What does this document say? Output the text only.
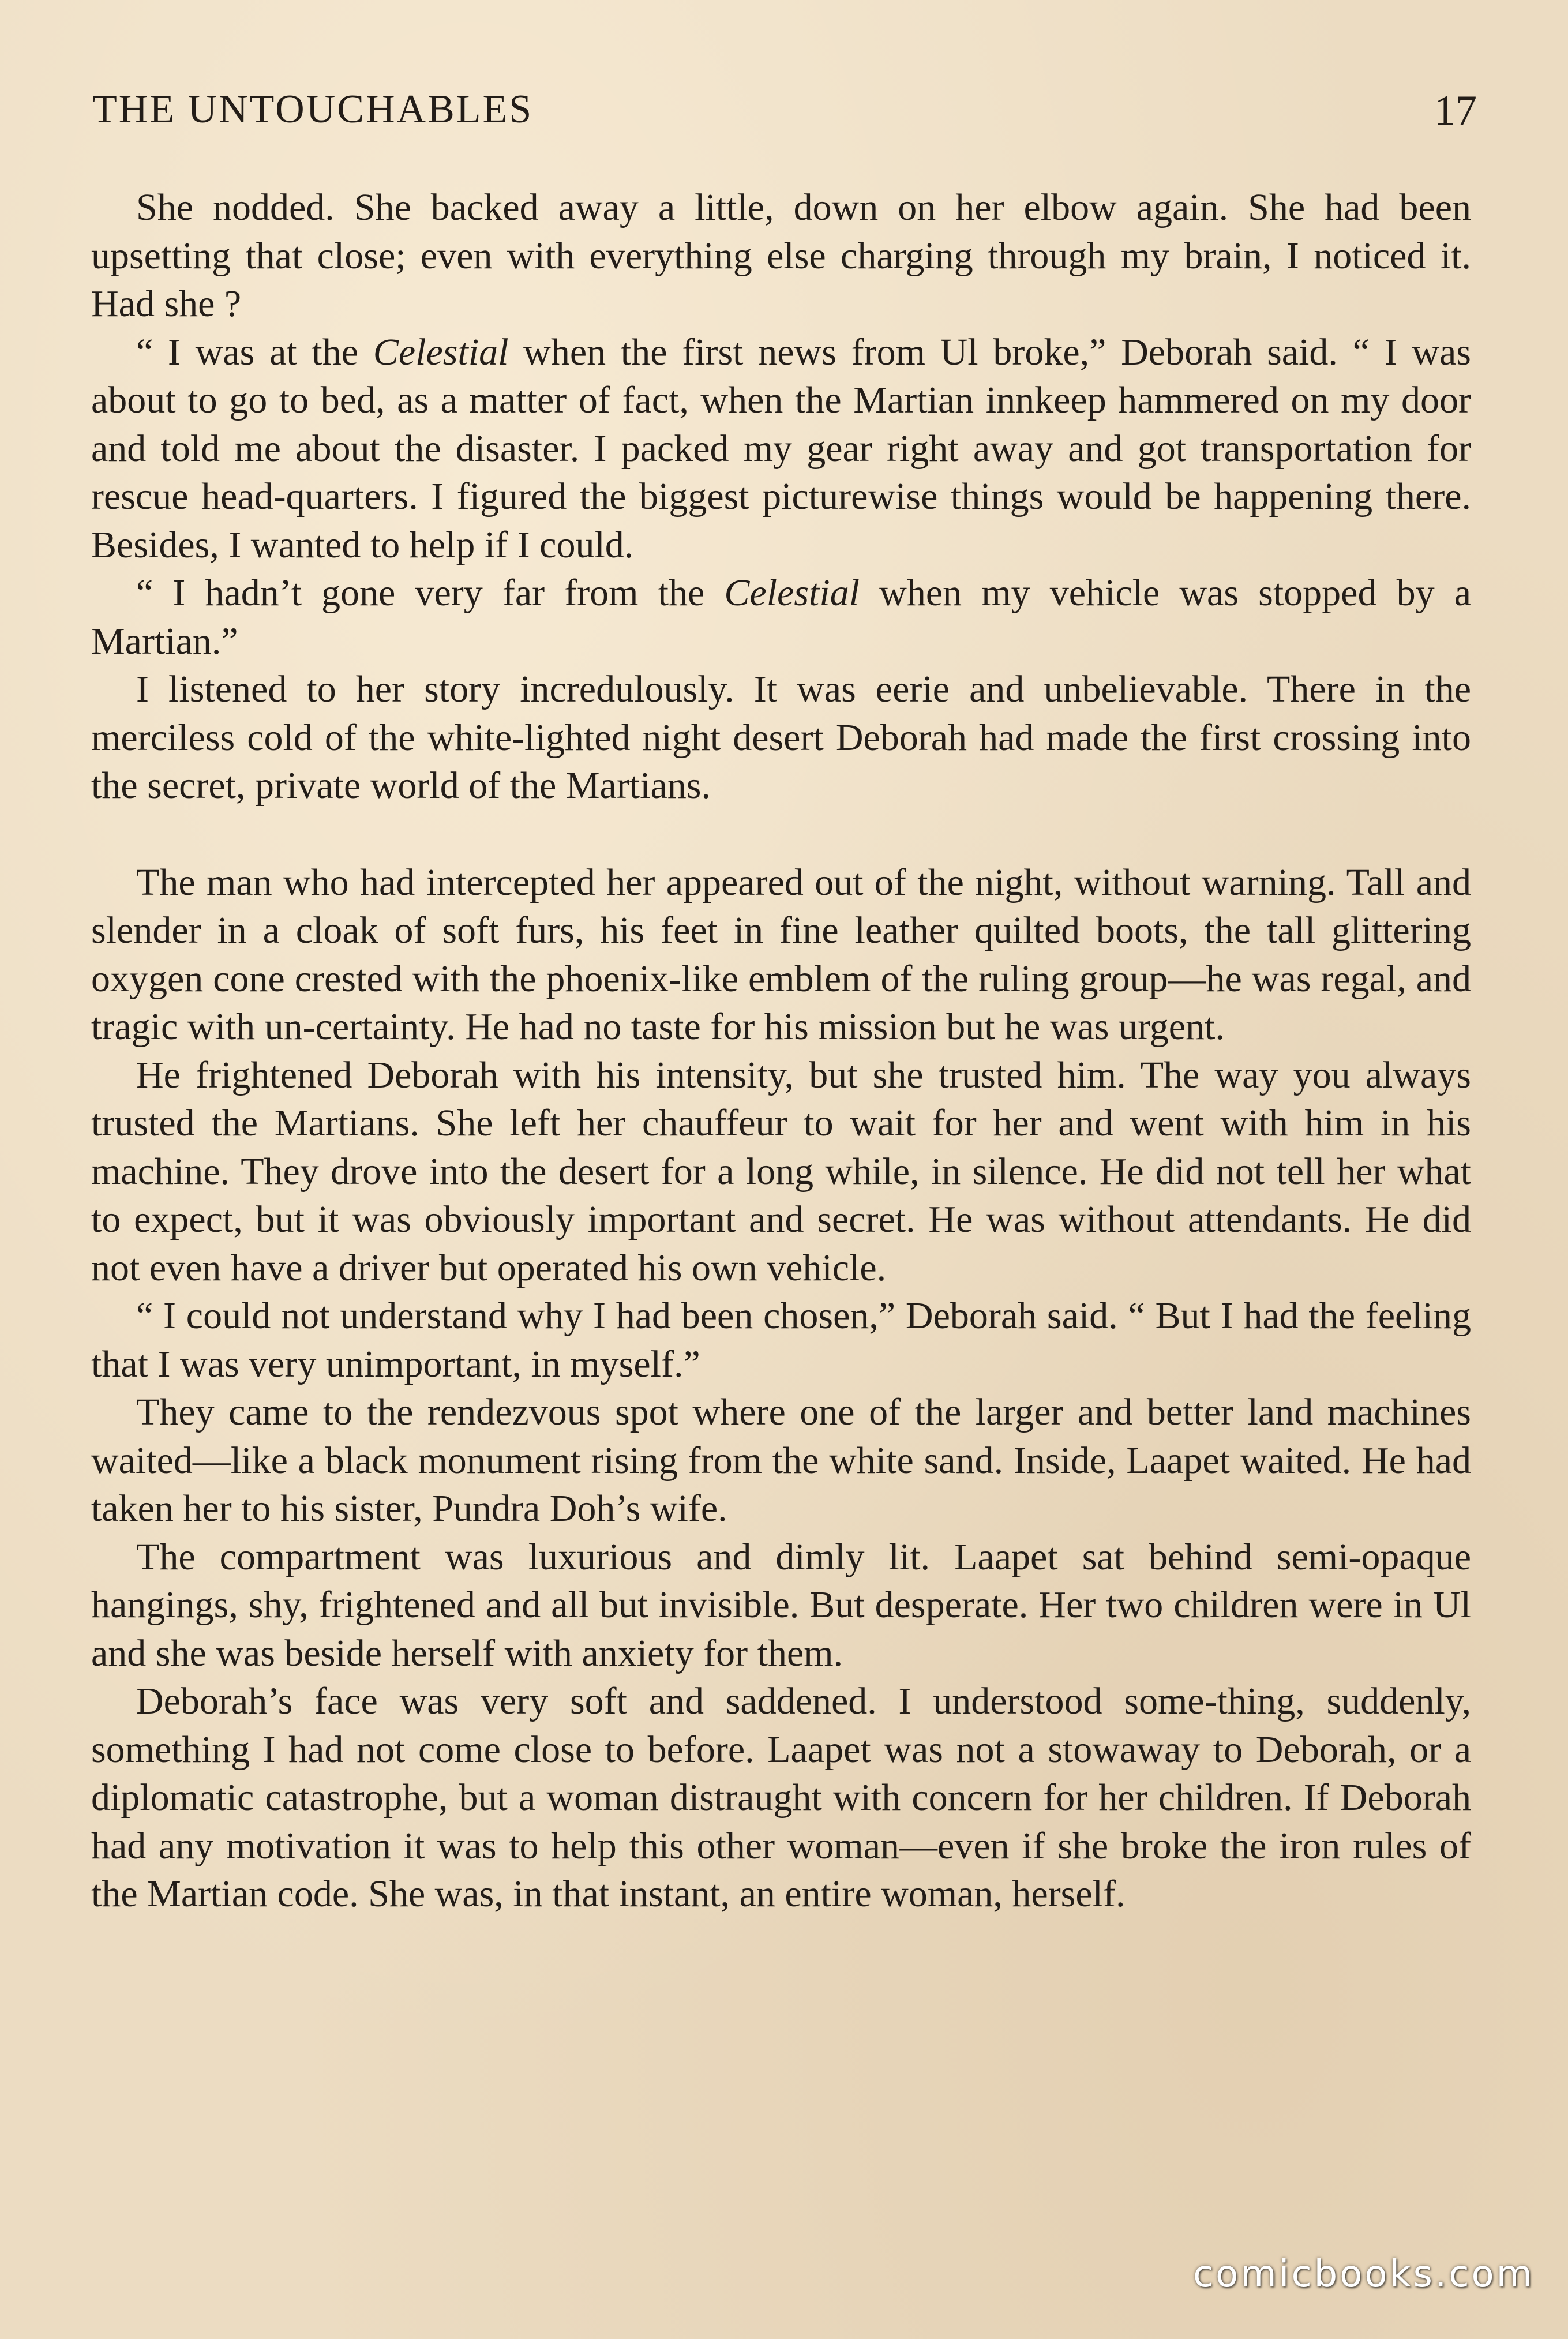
THE UNTOUCHABLES	17

She nodded. She backed away a little, down on her elbow again. She had been upsetting that close; even with everything else charging through my brain, I noticed it. Had she ?

“ I was at the Celestial when the first news from Ul broke,” Deborah said. “ I was about to go to bed, as a matter of fact, when the Martian innkeep hammered on my door and told me about the disaster. I packed my gear right away and got transportation for rescue head-quarters. I figured the biggest picturewise things would be happening there. Besides, I wanted to help if I could.

“ I hadn’t gone very far from the Celestial when my vehicle was stopped by a Martian.”

I listened to her story incredulously. It was eerie and unbelievable. There in the merciless cold of the white-lighted night desert Deborah had made the first crossing into the secret, private world of the Martians.

The man who had intercepted her appeared out of the night, without warning. Tall and slender in a cloak of soft furs, his feet in fine leather quilted boots, the tall glittering oxygen cone crested with the phoenix-like emblem of the ruling group—he was regal, and tragic with un-certainty. He had no taste for his mission but he was urgent.

He frightened Deborah with his intensity, but she trusted him. The way you always trusted the Martians. She left her chauffeur to wait for her and went with him in his machine. They drove into the desert for a long while, in silence. He did not tell her what to expect, but it was obviously important and secret. He was without attendants. He did not even have a driver but operated his own vehicle.

“ I could not understand why I had been chosen,” Deborah said. “ But I had the feeling that I was very unimportant, in myself.”

They came to the rendezvous spot where one of the larger and better land machines waited—like a black monument rising from the white sand. Inside, Laapet waited. He had taken her to his sister, Pundra Doh’s wife.

The compartment was luxurious and dimly lit. Laapet sat behind semi-opaque hangings, shy, frightened and all but invisible. But desperate. Her two children were in Ul and she was beside herself with anxiety for them.

Deborah’s face was very soft and saddened. I understood some-thing, suddenly, something I had not come close to before. Laapet was not a stowaway to Deborah, or a diplomatic catastrophe, but a woman distraught with concern for her children. If Deborah had any motivation it was to help this other woman—even if she broke the iron rules of the Martian code. She was, in that instant, an entire woman, herself.

comicbooks.com
